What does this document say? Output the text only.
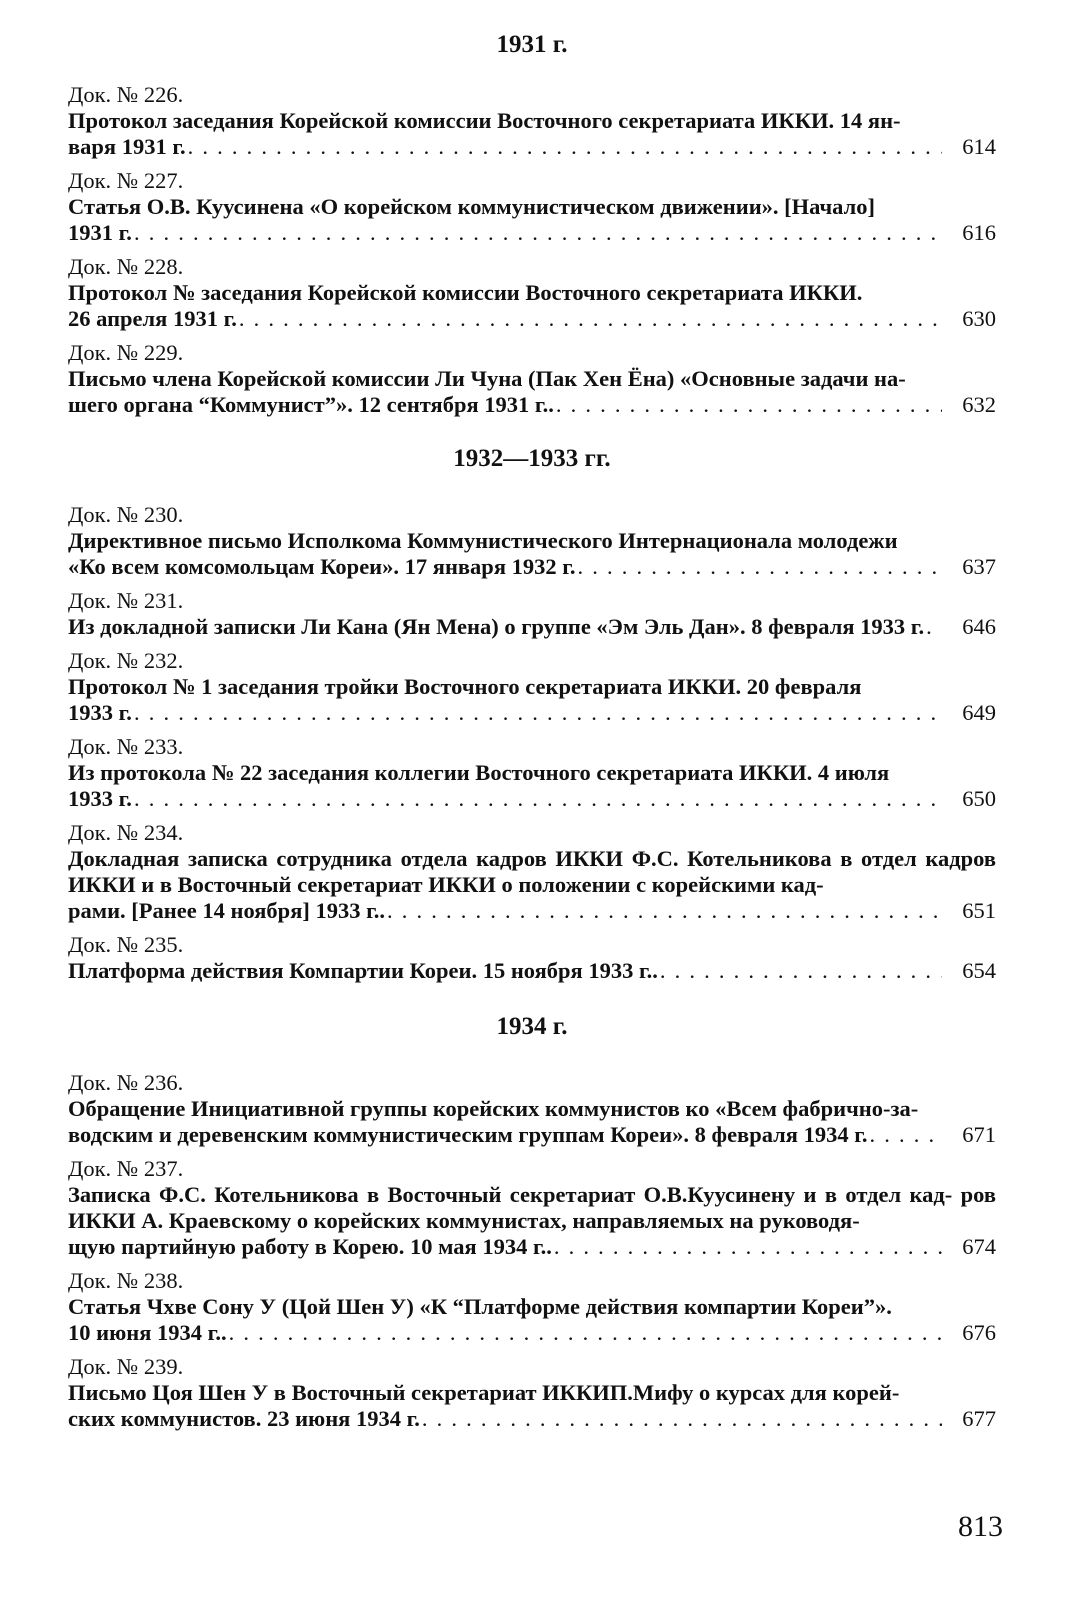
1931 г.
Док. № 226.
Протокол заседания Корейской комиссии Восточного секретариата ИККИ. 14 ян-
варя 1931 г. . . .	614
Док. № 227.
Статья О.В. Куусинена «О корейском коммунистическом движении». [Начало]
1931 г. . . .	616
Док. № 228.
Протокол № заседания Корейской комиссии Восточного секретариата ИККИ.
26 апреля 1931 г. . . .	630
Док. № 229.
Письмо члена Корейской комиссии Ли Чуна (Пак Хен Ёна) «Основные задачи на-
шего органа “Коммунист”». 12 сентября 1931 г.. . . .	632
1932—1933 гг.
Док. № 230.
Директивное письмо Исполкома Коммунистического Интернационала молодежи
«Ко всем комсомольцам Кореи». 17 января 1932 г. . . .	637
Док. № 231.
Из докладной записки Ли Кана (Ян Мена) о группе «Эм Эль Дан». 8 февраля 1933 г. . . .	646
Док. № 232.
Протокол № 1 заседания тройки Восточного секретариата ИККИ. 20 февраля
1933 г. . . .	649
Док. № 233.
Из протокола № 22 заседания коллегии Восточного секретариата ИККИ. 4 июля
1933 г. . . .	650
Док. № 234.
Докладная записка сотрудника отдела кадров ИККИ Ф.С. Котельникова в отдел кадров ИККИ и в Восточный секретариат ИККИ о положении с корейскими кад-
рами. [Ранее 14 ноября] 1933 г.. . . .	651
Док. № 235.
Платформа действия Компартии Кореи. 15 ноября 1933 г.. . . .	654
1934 г.
Док. № 236.
Обращение Инициативной группы корейских коммунистов ко «Всем фабрично-за-
водским и деревенским коммунистическим группам Кореи». 8 февраля 1934 г. . . .	671
Док. № 237.
Записка Ф.С. Котельникова в Восточный секретариат О.В.Куусинену и в отдел кад- ров ИККИ А. Краевскому о корейских коммунистах, направляемых на руководя-
щую партийную работу в Корею. 10 мая 1934 г.. . . .	674
Док. № 238.
Статья Чхве Сону У (Цой Шен У) «К “Платформе действия компартии Кореи”».
10 июня 1934 г.. . . .	676
Док. № 239.
Письмо Цоя Шен У в Восточный секретариат ИККИП.Мифу о курсах для корей-
ских коммунистов. 23 июня 1934 г. . . .	677
813
